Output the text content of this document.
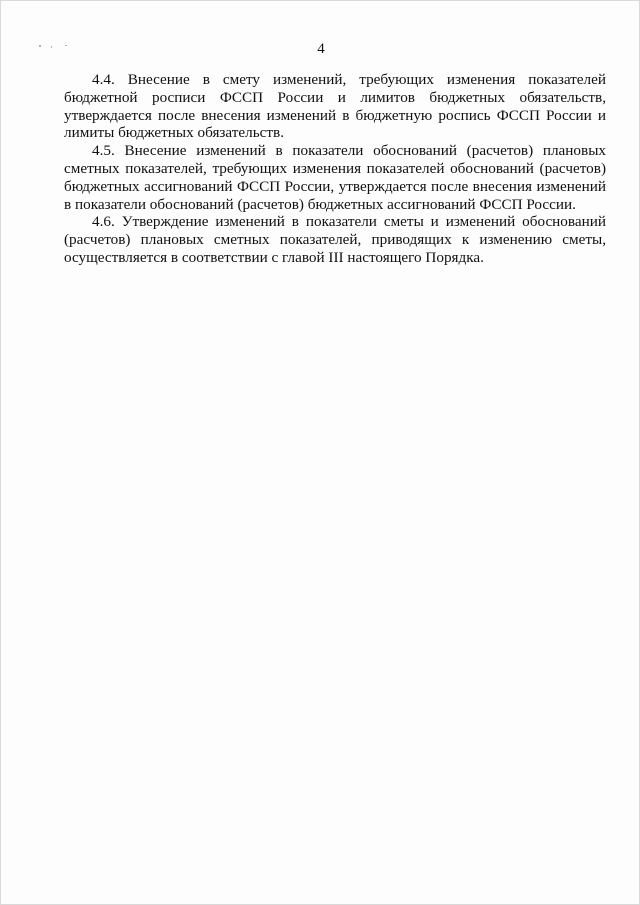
4

4.4. Внесение в смету изменений, требующих изменения показателей бюджетной росписи ФССП России и лимитов бюджетных обязательств, утверждается после внесения изменений в бюджетную роспись ФССП России и лимиты бюджетных обязательств.

4.5. Внесение изменений в показатели обоснований (расчетов) плановых сметных показателей, требующих изменения показателей обоснований (расчетов) бюджетных ассигнований ФССП России, утверждается после внесения изменений в показатели обоснований (расчетов) бюджетных ассигнований ФССП России.

4.6. Утверждение изменений в показатели сметы и изменений обоснований (расчетов) плановых сметных показателей, приводящих к изменению сметы, осуществляется в соответствии с главой III настоящего Порядка.
